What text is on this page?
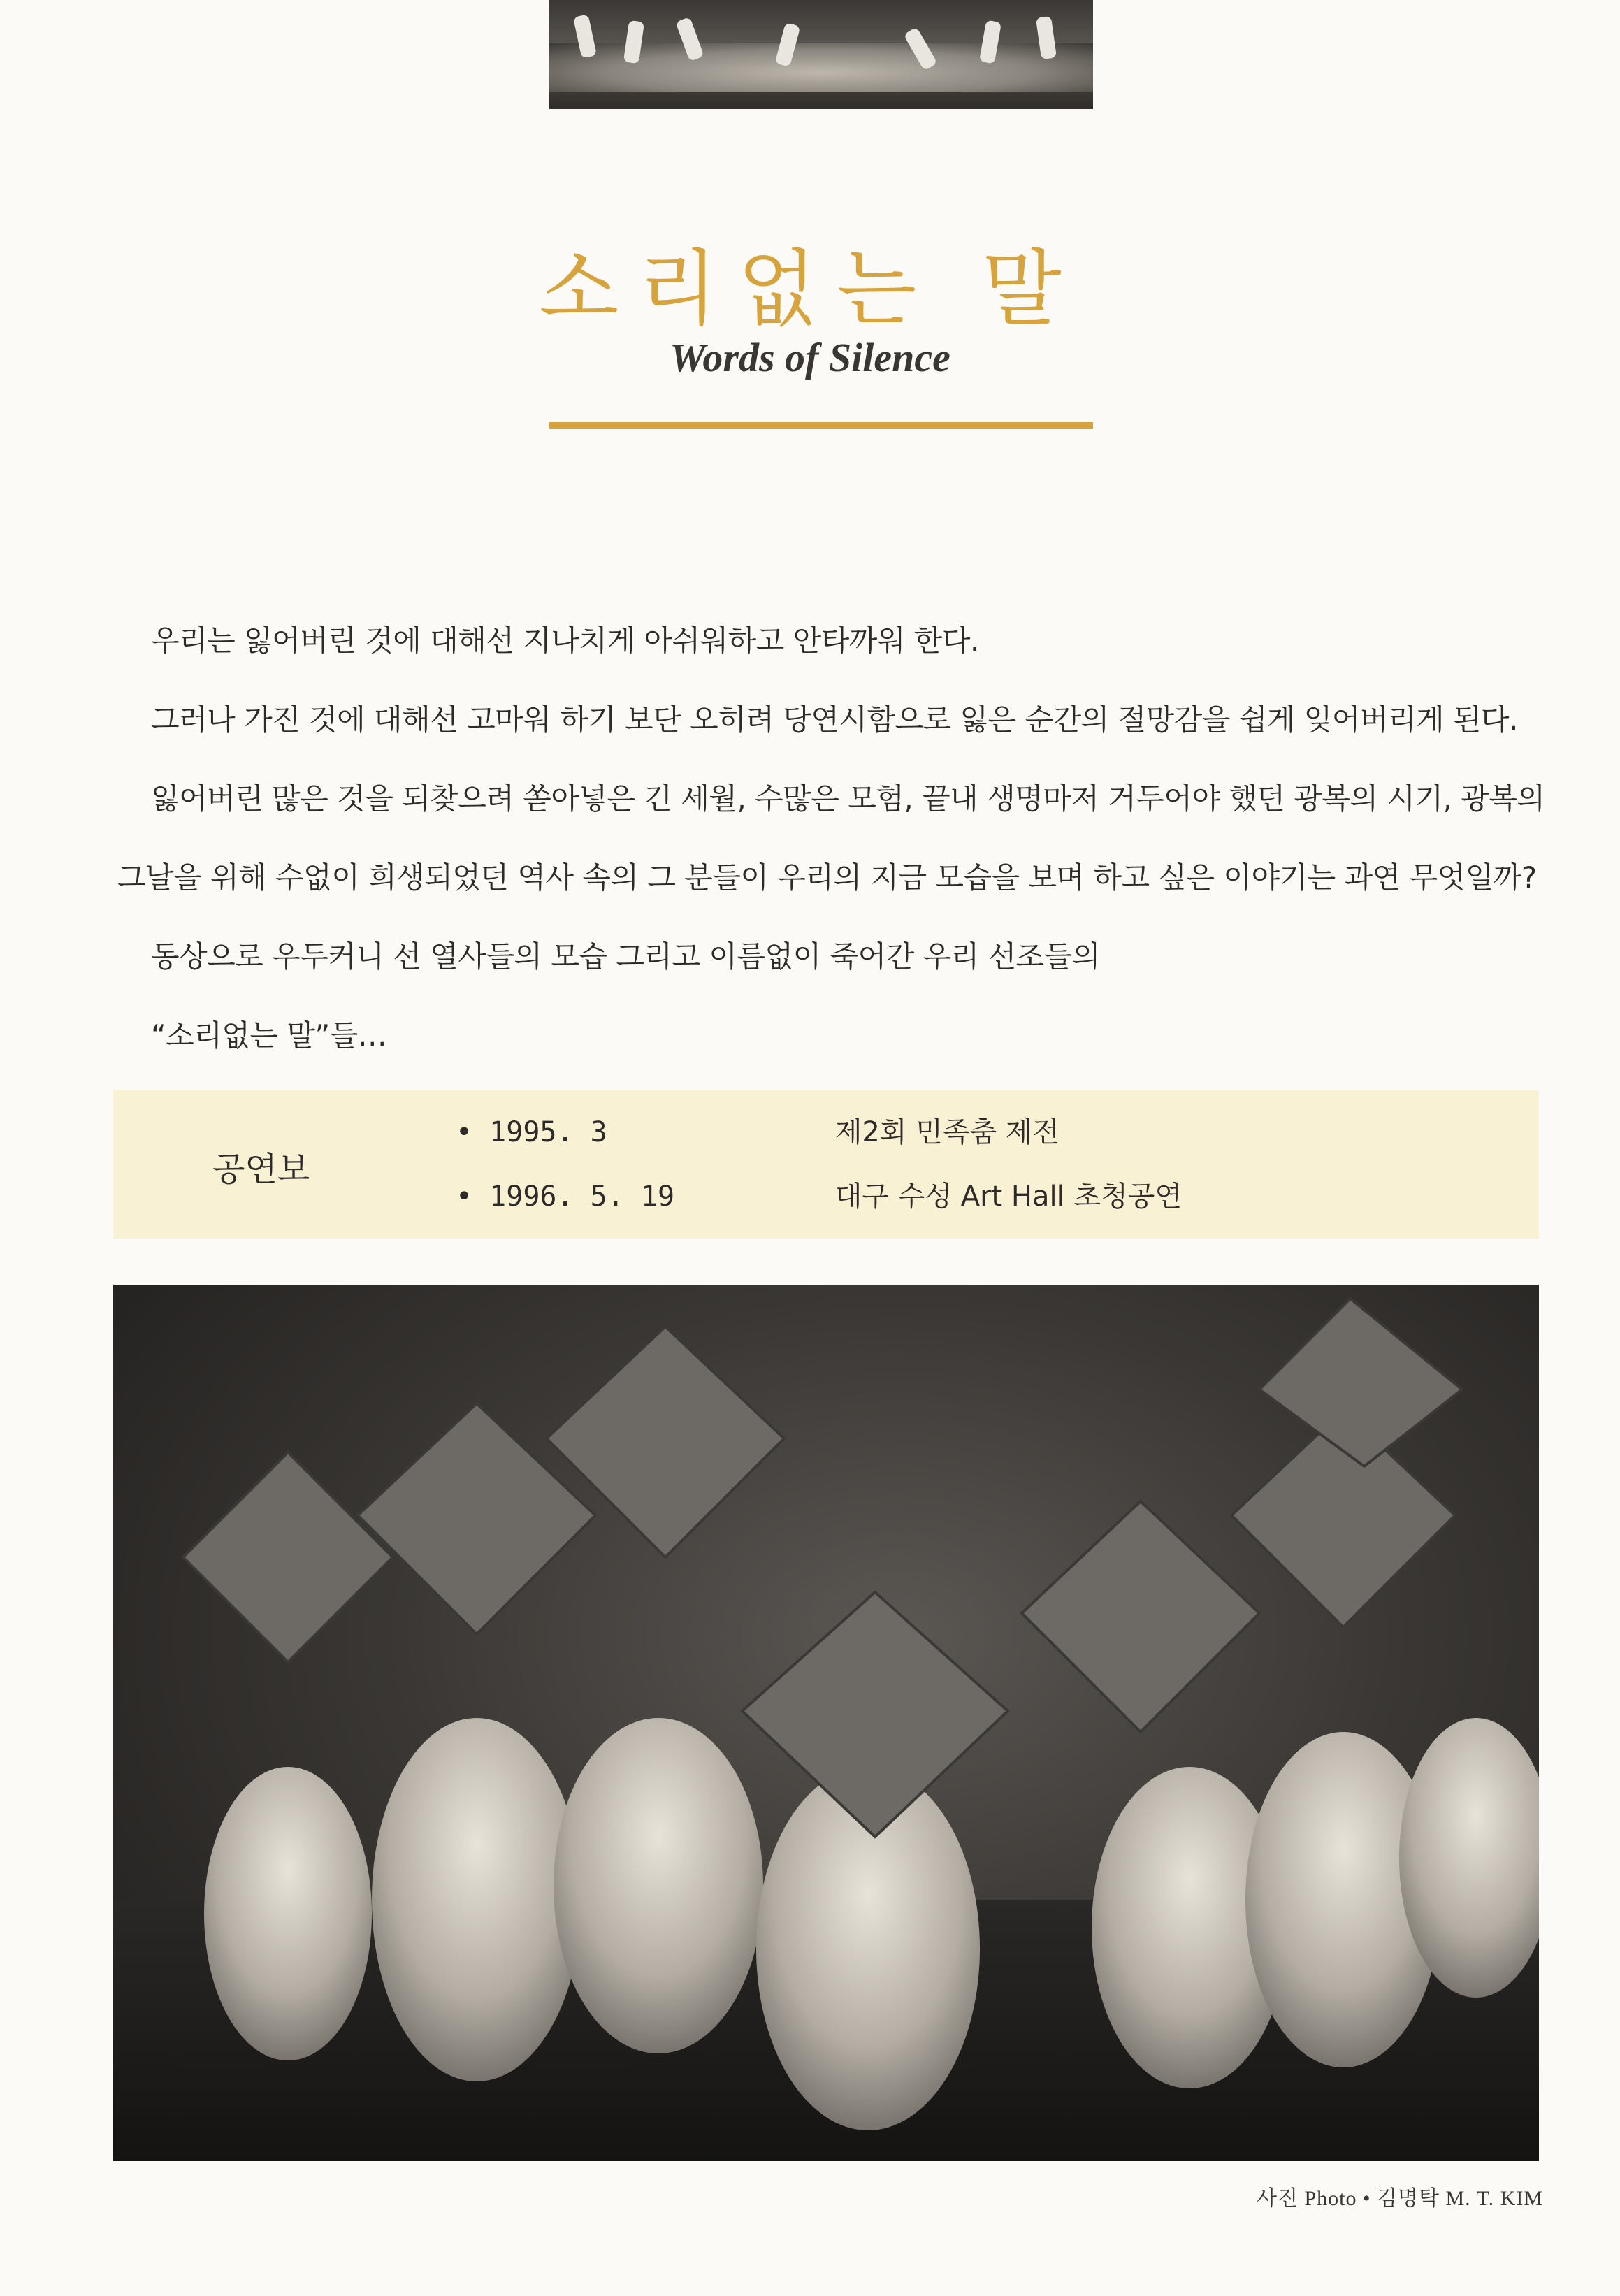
소리없는 말
Words of Silence
우리는 잃어버린 것에 대해선 지나치게 아쉬워하고 안타까워 한다.
그러나 가진 것에 대해선 고마워 하기 보단 오히려 당연시함으로 잃은 순간의 절망감을 쉽게 잊어버리게 된다.
잃어버린 많은 것을 되찾으려 쏟아넣은 긴 세월, 수많은 모험, 끝내 생명마저 거두어야 했던 광복의 시기, 광복의
그날을 위해 수없이 희생되었던 역사 속의 그 분들이 우리의 지금 모습을 보며 하고 싶은 이야기는 과연 무엇일까?
동상으로 우두커니 선 열사들의 모습 그리고 이름없이 죽어간 우리 선조들의
“소리없는 말”들…
공연보
• 1995. 3	제2회 민족춤 제전
• 1996. 5. 19	대구 수성 Art Hall 초청공연
사진 Photo • 김명탁 M. T. KIM
